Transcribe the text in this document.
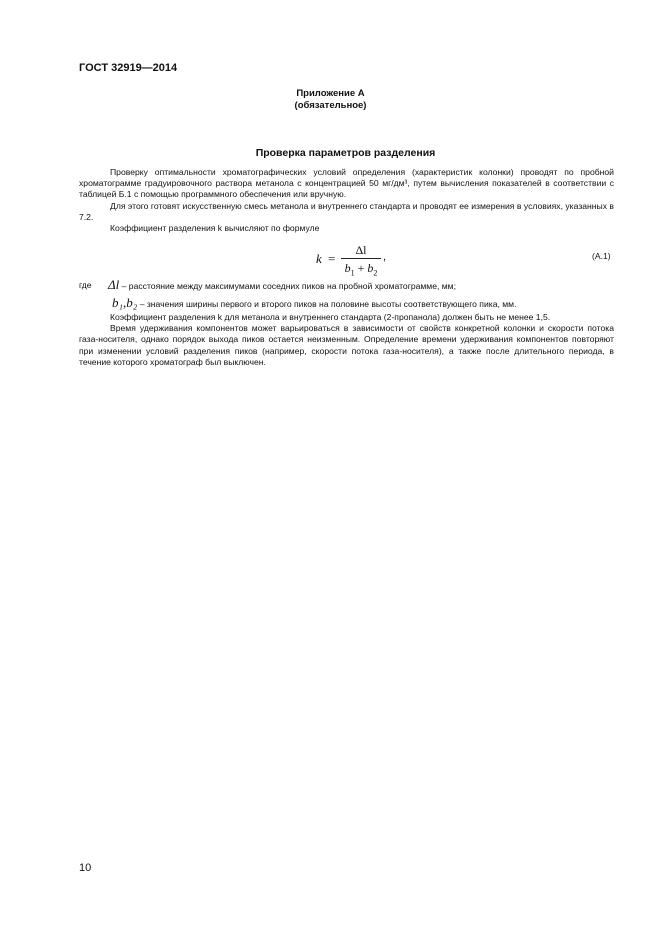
ГОСТ 32919—2014
Приложение А
(обязательное)
Проверка параметров разделения

Проверку оптимальности хроматографических условий определения (характеристик колонки) проводят по пробной хроматограмме градуировочного раствора метанола с концентрацией 50 мг/дм³, путем вычисления показателей в соответствии с таблицей Б.1 с помощью программного обеспечения или вручную.

Для этого готовят искусственную смесь метанола и внутреннего стандарта и проводят ее измерения в условиях, указанных в 7.2.

Коэффициент разделения k вычисляют по формуле

k =
Δl
$b_1 + b_2$
,	(A.1)
где Δl – расстояние между максимумами соседних пиков на пробной хроматограмме, мм;
b₁,b₂ – значения ширины первого и второго пиков на половине высоты соответствующего пика, мм.

Коэффициент разделения k для метанола и внутреннего стандарта (2-пропанола) должен быть не менее 1,5.

Время удерживания компонентов может варьироваться в зависимости от свойств конкретной колонки и скорости потока газа-носителя, однако порядок выхода пиков остается неизменным. Определение времени удерживания компонентов повторяют при изменении условий разделения пиков (например, скорости потока газа-носителя), а также после длительного периода, в течение которого хроматограф был выключен.

10
